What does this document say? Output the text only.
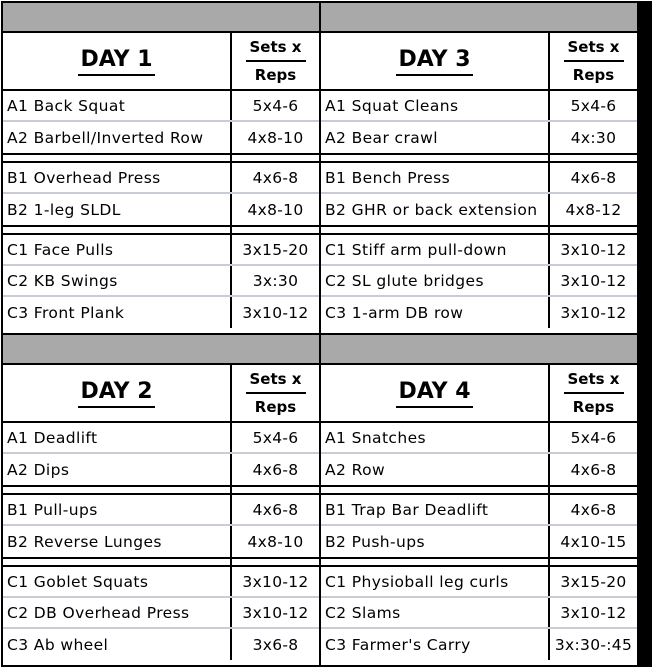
DAY 1	Sets x
Reps
A1 Back Squat	5x4-6
A2 Barbell/Inverted Row	4x8-10
B1 Overhead Press	4x6-8
B2 1-leg SLDL	4x8-10
C1 Face Pulls	3x15-20
C2 KB Swings	3x:30
C3 Front Plank	3x10-12
DAY 3	Sets x
Reps
A1 Squat Cleans	5x4-6
A2 Bear crawl	4x:30
B1 Bench Press	4x6-8
B2 GHR or back extension	4x8-12
C1 Stiff arm pull-down	3x10-12
C2 SL glute bridges	3x10-12
C3 1-arm DB row	3x10-12
DAY 2	Sets x
Reps
A1 Deadlift	5x4-6
A2 Dips	4x6-8
B1 Pull-ups	4x6-8
B2 Reverse Lunges	4x8-10
C1 Goblet Squats	3x10-12
C2 DB Overhead Press	3x10-12
C3 Ab wheel	3x6-8
DAY 4	Sets x
Reps
A1 Snatches	5x4-6
A2 Row	4x6-8
B1 Trap Bar Deadlift	4x6-8
B2 Push-ups	4x10-15
C1 Physioball leg curls	3x15-20
C2 Slams	3x10-12
C3 Farmer's Carry	3x:30-:45
